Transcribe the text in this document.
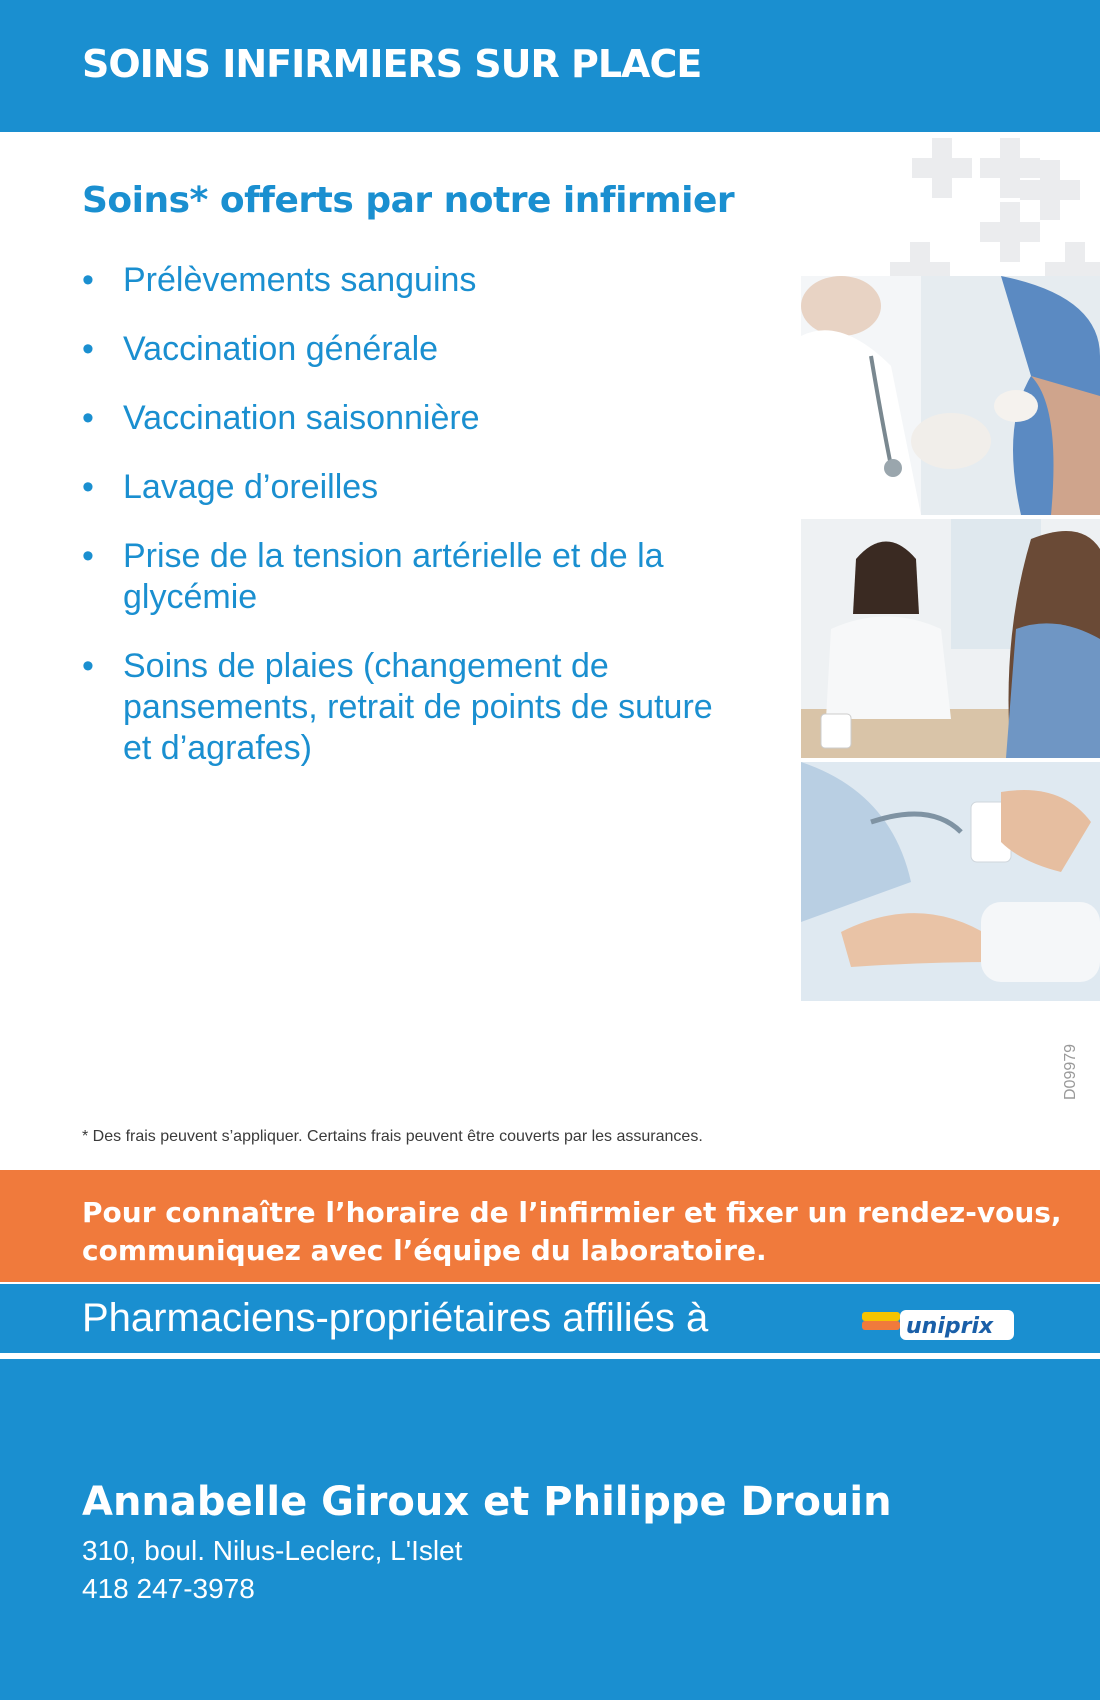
SOINS INFIRMIERS SUR PLACE
Soins* offerts par notre infirmier
• Prélèvements sanguins
• Vaccination générale
• Vaccination saisonnière
• Lavage d’oreilles
• Prise de la tension artérielle et de la glycémie
• Soins de plaies (changement de pansements, retrait de points de suture et d’agrafes)
* Des frais peuvent s’appliquer. Certains frais peuvent être couverts par les assurances.
D09979
Pour connaître l’horaire de l’infirmier et fixer un rendez-vous, communiquez avec l’équipe du laboratoire.
Pharmaciens-propriétaires affiliés à	uniprix
Annabelle Giroux et Philippe Drouin
310, boul. Nilus-Leclerc, L'Islet
418 247-3978
